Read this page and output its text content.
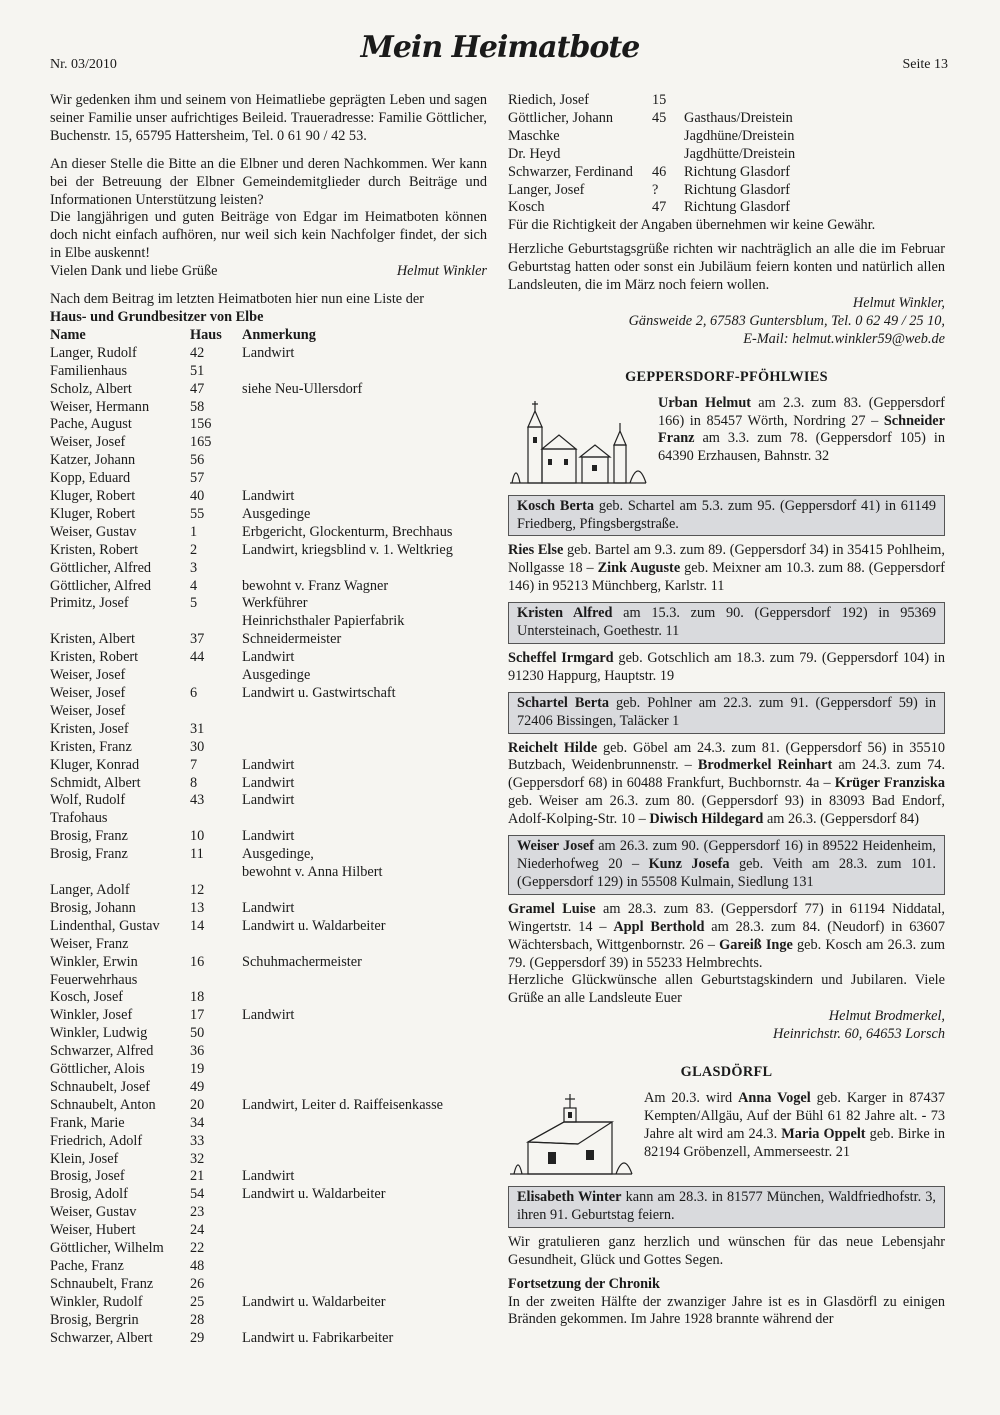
Nr. 03/2010	Mein Heimatbote	Seite 13

Wir gedenken ihm und seinem von Heimatliebe geprägten Leben und sagen seiner Familie unser aufrichtiges Beileid. Traueradresse: Familie Göttlicher, Buchenstr. 15, 65795 Hattersheim, Tel. 0 61 90 / 42 53.

An dieser Stelle die Bitte an die Elbner und deren Nachkommen. Wer kann bei der Betreuung der Elbner Gemeindemitglieder durch Beiträge und Informationen Unterstützung leisten?

Die langjährigen und guten Beiträge von Edgar im Heimatboten können doch nicht einfach aufhören, nur weil sich kein Nachfolger findet, der sich in Elbe auskennt!

Vielen Dank und liebe Grüße	Helmut Winkler

Nach dem Beitrag im letzten Heimatboten hier nun eine Liste der

Haus- und Grundbesitzer von Elbe

Name	Haus	Anmerkung
Langer, Rudolf	42	Landwirt
Familienhaus	51	
Scholz, Albert	47	siehe Neu-Ullersdorf
Weiser, Hermann	58	
Pache, August	156	
Weiser, Josef	165	
Katzer, Johann	56	
Kopp, Eduard	57	
Kluger, Robert	40	Landwirt
Kluger, Robert	55	Ausgedinge
Weiser, Gustav	1	Erbgericht, Glockenturm, Brechhaus
Kristen, Robert	2	Landwirt, kriegsblind v. 1. Weltkrieg
Göttlicher, Alfred	3	
Göttlicher, Alfred	4	bewohnt v. Franz Wagner
Primitz, Josef	5	Werkführer
		Heinrichsthaler Papierfabrik
Kristen, Albert	37	Schneidermeister
Kristen, Robert	44	Landwirt
Weiser, Josef		Ausgedinge
Weiser, Josef	6	Landwirt u. Gastwirtschaft
Weiser, Josef		
Kristen, Josef	31	
Kristen, Franz	30	
Kluger, Konrad	7	Landwirt
Schmidt, Albert	8	Landwirt
Wolf, Rudolf	43	Landwirt
Trafohaus		
Brosig, Franz	10	Landwirt
Brosig, Franz	11	Ausgedinge,
		bewohnt v. Anna Hilbert
Langer, Adolf	12	
Brosig, Johann	13	Landwirt
Lindenthal, Gustav	14	Landwirt u. Waldarbeiter
Weiser, Franz		
Winkler, Erwin	16	Schuhmachermeister
Feuerwehrhaus		
Kosch, Josef	18	
Winkler, Josef	17	Landwirt
Winkler, Ludwig	50	
Schwarzer, Alfred	36	
Göttlicher, Alois	19	
Schnaubelt, Josef	49	
Schnaubelt, Anton	20	Landwirt, Leiter d. Raiffeisenkasse
Frank, Marie	34	
Friedrich, Adolf	33	
Klein, Josef	32	
Brosig, Josef	21	Landwirt
Brosig, Adolf	54	Landwirt u. Waldarbeiter
Weiser, Gustav	23	
Weiser, Hubert	24	
Göttlicher, Wilhelm	22	
Pache, Franz	48	
Schnaubelt, Franz	26	
Winkler, Rudolf	25	Landwirt u. Waldarbeiter
Brosig, Bergrin	28	
Schwarzer, Albert	29	Landwirt u. Fabrikarbeiter
Riedich, Josef	15	
Göttlicher, Johann	45	Gasthaus/Dreistein
Maschke		Jagdhüne/Dreistein
Dr. Heyd		Jagdhütte/Dreistein
Schwarzer, Ferdinand	46	Richtung Glasdorf
Langer, Josef	?	Richtung Glasdorf
Kosch	47	Richtung Glasdorf

Für die Richtigkeit der Angaben übernehmen wir keine Gewähr.

Herzliche Geburtstagsgrüße richten wir nachträglich an alle die im Februar Geburtstag hatten oder sonst ein Jubiläum feiern konten und natürlich allen Landsleuten, die im März noch feiern wollen.

Helmut Winkler,

Gänsweide 2, 67583 Guntersblum, Tel. 0 62 49 / 25 10,

E-Mail: helmut.winkler59@web.de

GEPPERSDORF-PFÖHLWIES

Urban Helmut am 2.3. zum 83. (Geppersdorf 166) in 85457 Wörth, Nordring 27 – Schneider Franz am 3.3. zum 78. (Geppersdorf 105) in 64390 Erzhausen, Bahnstr. 32

Kosch Berta geb. Schartel am 5.3. zum 95. (Geppersdorf 41) in 61149 Friedberg, Pfingsbergstraße.

Ries Else geb. Bartel am 9.3. zum 89. (Geppersdorf 34) in 35415 Pohlheim, Nollgasse 18 – Zink Auguste geb. Meixner am 10.3. zum 88. (Geppersdorf 146) in 95213 Münchberg, Karlstr. 11

Kristen Alfred am 15.3. zum 90. (Geppersdorf 192) in 95369 Untersteinach, Goethestr. 11

Scheffel Irmgard geb. Gotschlich am 18.3. zum 79. (Geppersdorf 104) in 91230 Happurg, Hauptstr. 19

Schartel Berta geb. Pohlner am 22.3. zum 91. (Geppersdorf 59) in 72406 Bissingen, Taläcker 1

Reichelt Hilde geb. Göbel am 24.3. zum 81. (Geppersdorf 56) in 35510 Butzbach, Weidenbrunnenstr. – Brodmerkel Reinhart am 24.3. zum 74. (Geppersdorf 68) in 60488 Frankfurt, Buchbornstr. 4a – Krüger Franziska geb. Weiser am 26.3. zum 80. (Geppersdorf 93) in 83093 Bad Endorf, Adolf-Kolping-Str. 10 – Diwisch Hildegard am 26.3. (Geppersdorf 84)

Weiser Josef am 26.3. zum 90. (Geppersdorf 16) in 89522 Heidenheim, Niederhofweg 20 – Kunz Josefa geb. Veith am 28.3. zum 101. (Geppersdorf 129) in 55508 Kulmain, Siedlung 131

Gramel Luise am 28.3. zum 83. (Geppersdorf 77) in 61194 Niddatal, Wingertstr. 14 – Appl Berthold am 28.3. zum 84. (Neudorf) in 63607 Wächtersbach, Wittgenbornstr. 26 – Gareiß Inge geb. Kosch am 26.3. zum 79. (Geppersdorf 39) in 55233 Helmbrechts.

Herzliche Glückwünsche allen Geburtstagskindern und Jubilaren. Viele Grüße an alle Landsleute Euer

Helmut Brodmerkel,

Heinrichstr. 60, 64653 Lorsch

GLASDÖRFL

Am 20.3. wird Anna Vogel geb. Karger in 87437 Kempten/Allgäu, Auf der Bühl 61 82 Jahre alt. - 73 Jahre alt wird am 24.3. Maria Oppelt geb. Birke in 82194 Gröbenzell, Ammerseestr. 21

Elisabeth Winter kann am 28.3. in 81577 München, Waldfriedhofstr. 3, ihren 91. Geburtstag feiern.

Wir gratulieren ganz herzlich und wünschen für das neue Lebensjahr Gesundheit, Glück und Gottes Segen.

Fortsetzung der Chronik

In der zweiten Hälfte der zwanziger Jahre ist es in Glasdörfl zu einigen Bränden gekommen. Im Jahre 1928 brannte während der
